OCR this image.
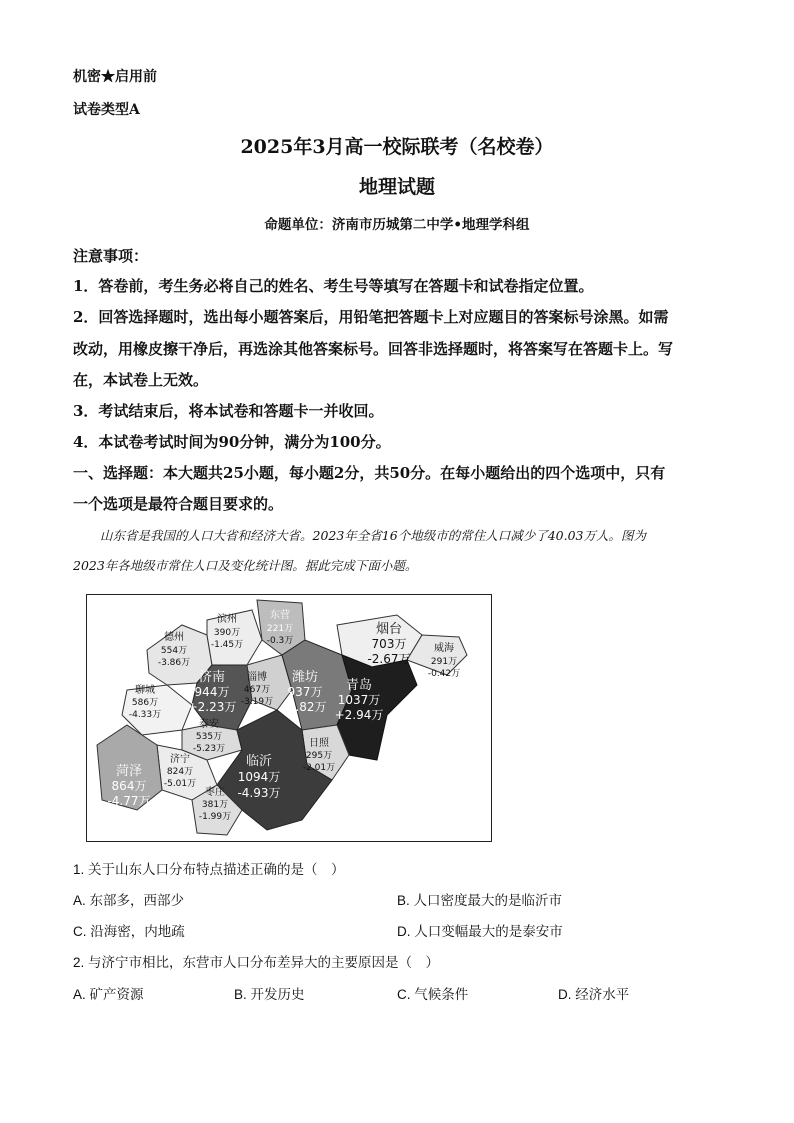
机密★启用前
试卷类型A
2025年3月高一校际联考（名校卷）
地理试题
命题单位：济南市历城第二中学•地理学科组
注意事项：
1．答卷前，考生务必将自己的姓名、考生号等填写在答题卡和试卷指定位置。
2．回答选择题时，选出每小题答案后，用铅笔把答题卡上对应题目的答案标号涂黑。如需
改动，用橡皮擦干净后，再选涂其他答案标号。回答非选择题时，将答案写在答题卡上。写
在，本试卷上无效。
3．考试结束后，将本试卷和答题卡一并收回。
4．本试卷考试时间为90分钟，满分为100分。
一、选择题：本大题共25小题，每小题2分，共50分。在每小题给出的四个选项中，只有
一个选项是最符合题目要求的。
山东省是我国的人口大省和经济大省。2023年全省16个地级市的常住人口减少了40.03万人。图为
2023年各地级市常住人口及变化统计图。据此完成下面小题。
滨州
390万
-1.45万
东营
221万
-0.3万
烟台
703万
-2.67万
威海
291万
-0.42万
德州
554万
-3.86万
济南
944万
+2.23万
淄博
467万
-3.19万
潍坊
937万
-4.82万
青岛
1037万
+2.94万
聊城
586万
-4.33万
泰安
535万
-5.23万	日照
295万
-2.01万
济宁
824万
-5.01万
临沂
1094万
-4.93万
菏泽
864万
-4.77万
枣庄
381万
-1.99万
1. 关于山东人口分布特点描述正确的是（　）
A. 东部多，西部少	B. 人口密度最大的是临沂市
C. 沿海密，内地疏	D. 人口变幅最大的是泰安市
2. 与济宁市相比，东营市人口分布差异大的主要原因是（　）
A. 矿产资源	B. 开发历史	C. 气候条件	D. 经济水平
